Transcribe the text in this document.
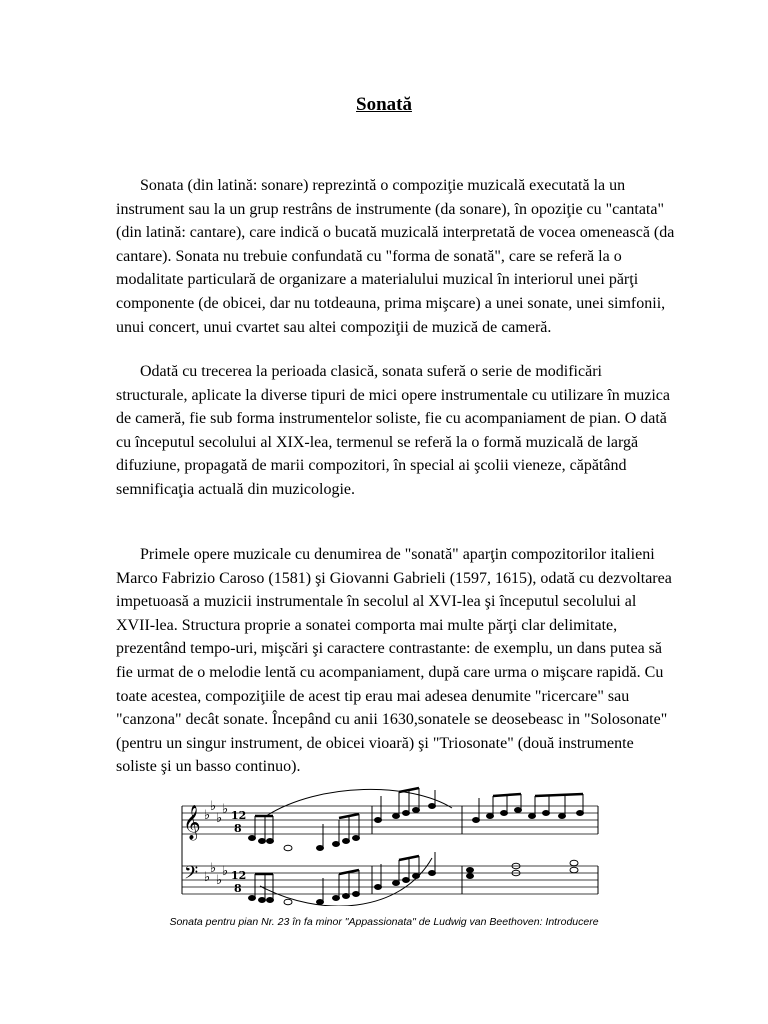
Sonată

Sonata (din latină: sonare) reprezintă o compoziţie muzicală executată la un instrument sau la un grup restrâns de instrumente (da sonare), în opoziţie cu "cantata" (din latină: cantare), care indică o bucată muzicală interpretată de vocea omenească (da cantare). Sonata nu trebuie confundată cu "forma de sonată", care se referă la o modalitate particulară de organizare a materialului muzical în interiorul unei părţi componente (de obicei, dar nu totdeauna, prima mişcare) a unei sonate, unei simfonii, unui concert, unui cvartet sau altei compoziţii de muzică de cameră.

Odată cu trecerea la perioada clasică, sonata suferă o serie de modificări structurale, aplicate la diverse tipuri de mici opere instrumentale cu utilizare în muzica de cameră, fie sub forma instrumentelor soliste, fie cu acompaniament de pian. O dată cu începutul secolului al XIX-lea, termenul se referă la o formă muzicală de largă difuziune, propagată de marii compozitori, în special ai şcolii vieneze, căpătând semnificaţia actuală din muzicologie.

Primele opere muzicale cu denumirea de "sonată" aparţin compozitorilor italieni Marco Fabrizio Caroso (1581) şi Giovanni Gabrieli (1597, 1615), odată cu dezvoltarea impetuoasă a muzicii instrumentale în secolul al XVI-lea şi începutul secolului al XVII-lea. Structura proprie a sonatei comporta mai multe părţi clar delimitate, prezentând tempo-uri, mişcări şi caractere contrastante: de exemplu, un dans putea să fie urmat de o melodie lentă cu acompaniament, după care urma o mişcare rapidă. Cu toate acestea, compoziţiile de acest tip erau mai adesea denumite "ricercare" sau "canzona" decât sonate. Începând cu anii 1630,sonatele se deosebeasc in "Solosonate" (pentru un singur instrument, de obicei vioară) şi "Triosonate" (două instrumente soliste şi un basso continuo).

𝄞
𝄢
♭
♭
♭
♭
♭
♭
♭
♭
12
8
12
8
Sonata pentru pian Nr. 23 în fa minor "Appassionata" de Ludwig van Beethoven: Introducere
